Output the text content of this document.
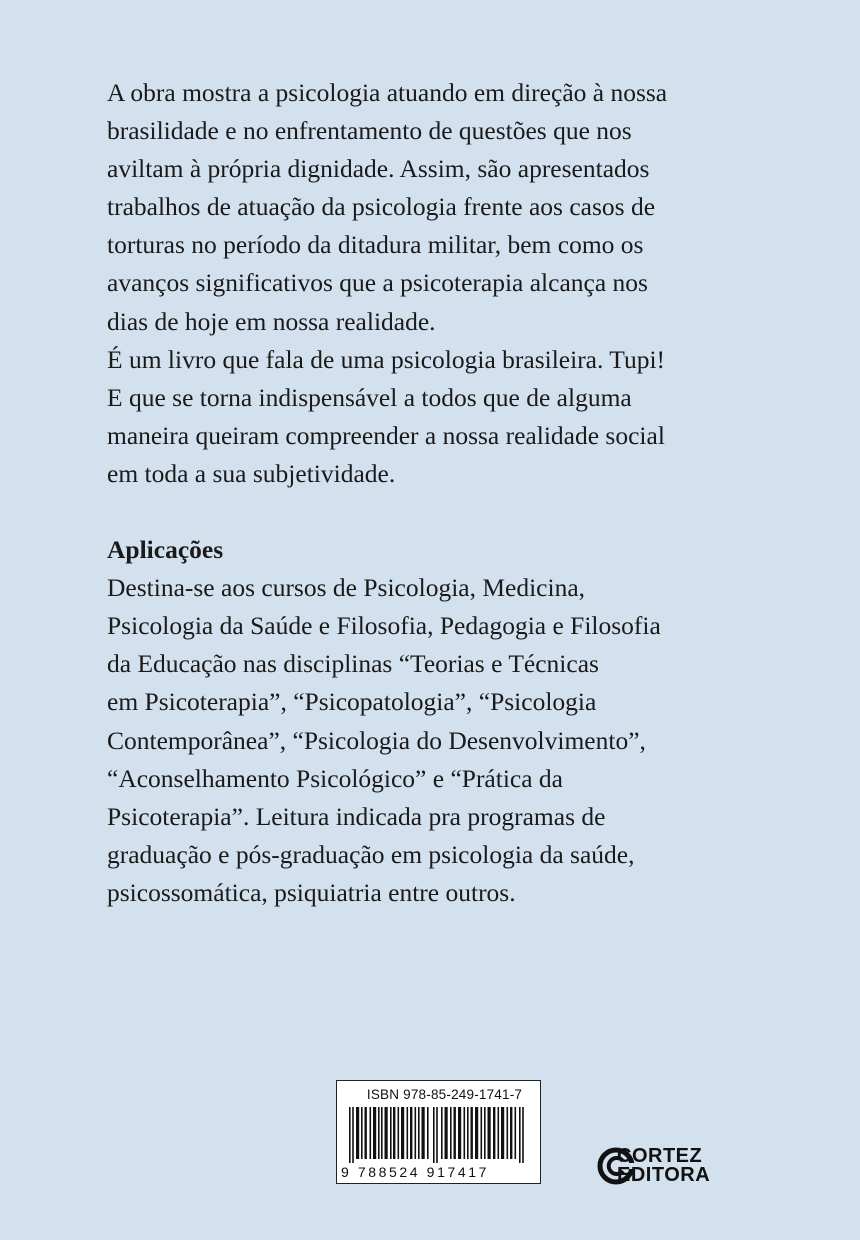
A obra mostra a psicologia atuando em direção à nossa
brasilidade e no enfrentamento de questões que nos
aviltam à própria dignidade. Assim, são apresentados
trabalhos de atuação da psicologia frente aos casos de
torturas no período da ditadura militar, bem como os
avanços significativos que a psicoterapia alcança nos
dias de hoje em nossa realidade.

É um livro que fala de uma psicologia brasileira. Tupi!
E que se torna indispensável a todos que de alguma
maneira queiram compreender a nossa realidade social
em toda a sua subjetividade.

Aplicações
Destina-se aos cursos de Psicologia, Medicina,
Psicologia da Saúde e Filosofia, Pedagogia e Filosofia
da Educação nas disciplinas “Teorias e Técnicas
em Psicoterapia”, “Psicopatologia”, “Psicologia
Contemporânea”, “Psicologia do Desenvolvimento”,
“Aconselhamento Psicológico” e “Prática da
Psicoterapia”. Leitura indicada pra programas de
graduação e pós-graduação em psicologia da saúde,
psicossomática, psiquiatria entre outros.

ISBN 978-85-249-1741-7
9 788524 917417
CORTEZ
EDITORA
